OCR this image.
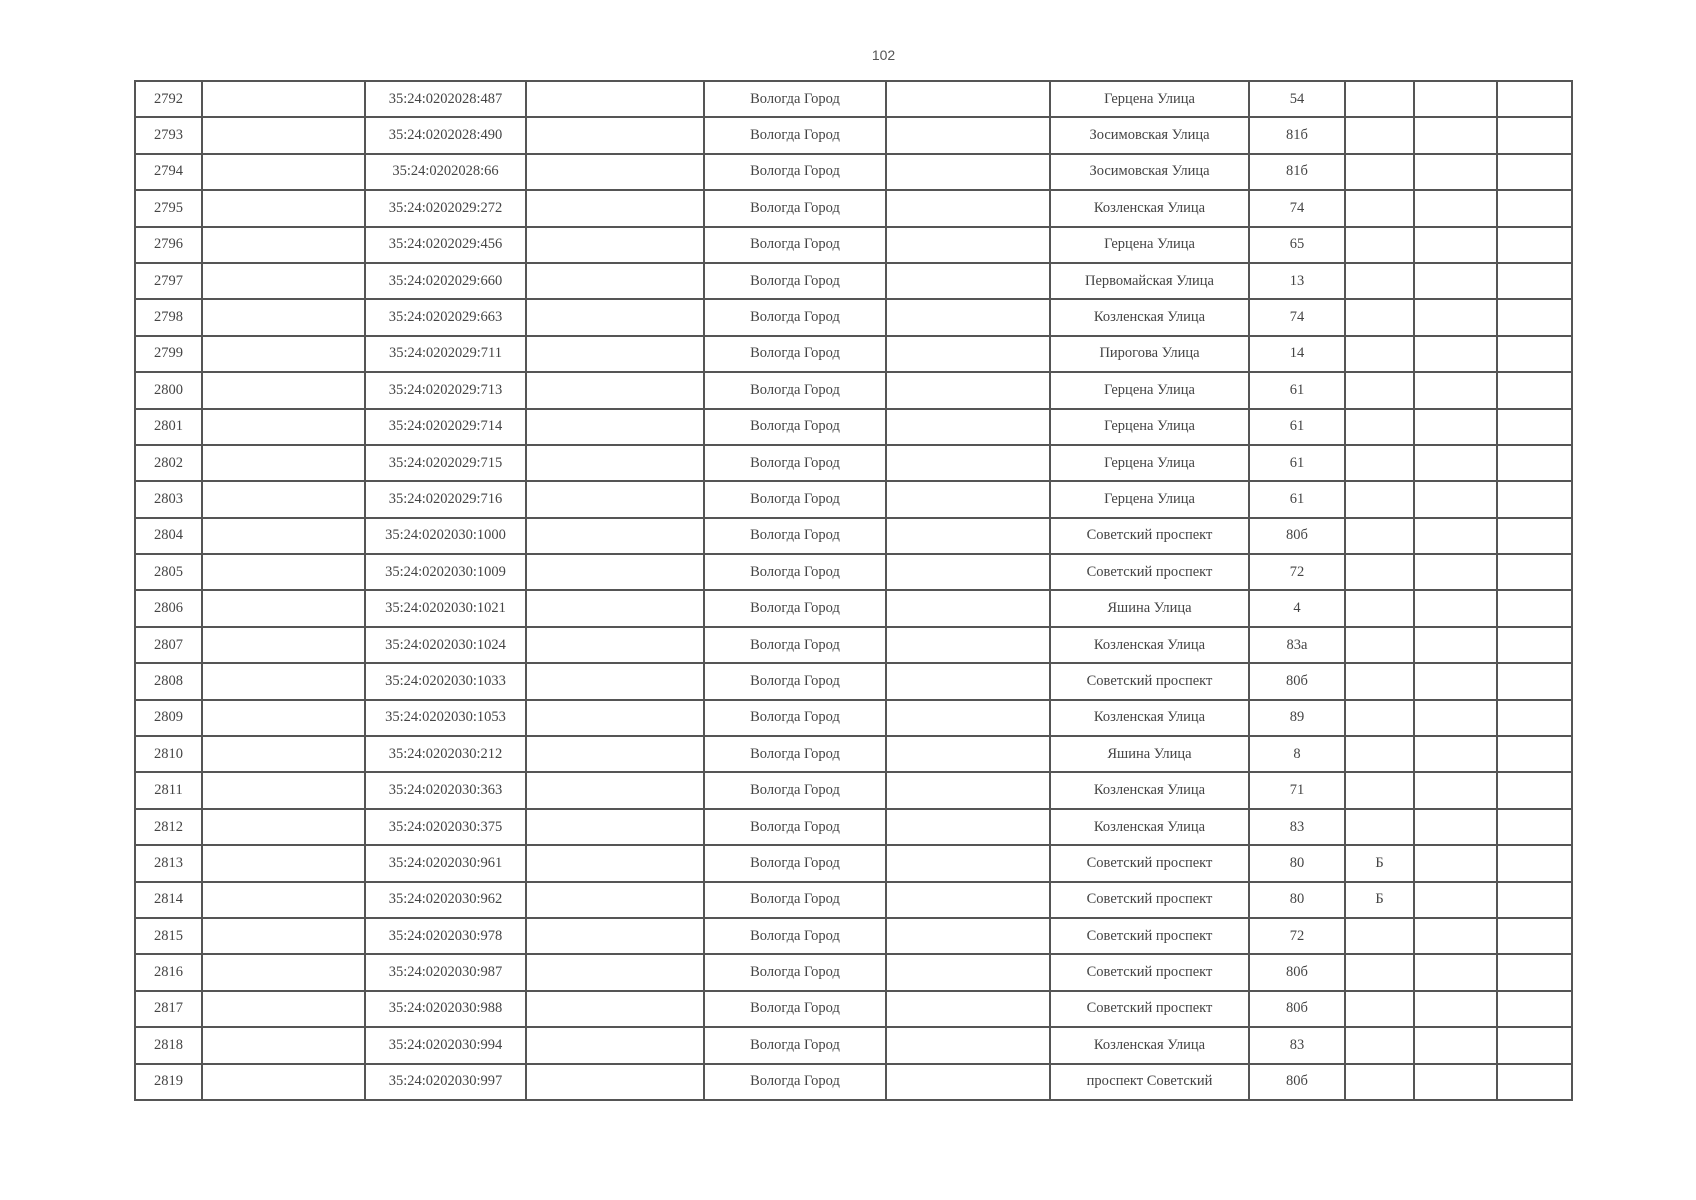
102
2792		35:24:0202028:487		Вологда Город		Герцена Улица	54			
2793		35:24:0202028:490		Вологда Город		Зосимовская Улица	81б			
2794		35:24:0202028:66		Вологда Город		Зосимовская Улица	81б			
2795		35:24:0202029:272		Вологда Город		Козленская Улица	74			
2796		35:24:0202029:456		Вологда Город		Герцена Улица	65			
2797		35:24:0202029:660		Вологда Город		Первомайская Улица	13			
2798		35:24:0202029:663		Вологда Город		Козленская Улица	74			
2799		35:24:0202029:711		Вологда Город		Пирогова Улица	14			
2800		35:24:0202029:713		Вологда Город		Герцена Улица	61			
2801		35:24:0202029:714		Вологда Город		Герцена Улица	61			
2802		35:24:0202029:715		Вологда Город		Герцена Улица	61			
2803		35:24:0202029:716		Вологда Город		Герцена Улица	61			
2804		35:24:0202030:1000		Вологда Город		Советский проспект	80б			
2805		35:24:0202030:1009		Вологда Город		Советский проспект	72			
2806		35:24:0202030:1021		Вологда Город		Яшина Улица	4			
2807		35:24:0202030:1024		Вологда Город		Козленская Улица	83а			
2808		35:24:0202030:1033		Вологда Город		Советский проспект	80б			
2809		35:24:0202030:1053		Вологда Город		Козленская Улица	89			
2810		35:24:0202030:212		Вологда Город		Яшина Улица	8			
2811		35:24:0202030:363		Вологда Город		Козленская Улица	71			
2812		35:24:0202030:375		Вологда Город		Козленская Улица	83			
2813		35:24:0202030:961		Вологда Город		Советский проспект	80	Б		
2814		35:24:0202030:962		Вологда Город		Советский проспект	80	Б		
2815		35:24:0202030:978		Вологда Город		Советский проспект	72			
2816		35:24:0202030:987		Вологда Город		Советский проспект	80б			
2817		35:24:0202030:988		Вологда Город		Советский проспект	80б			
2818		35:24:0202030:994		Вологда Город		Козленская Улица	83			
2819		35:24:0202030:997		Вологда Город		проспект Советский	80б			
